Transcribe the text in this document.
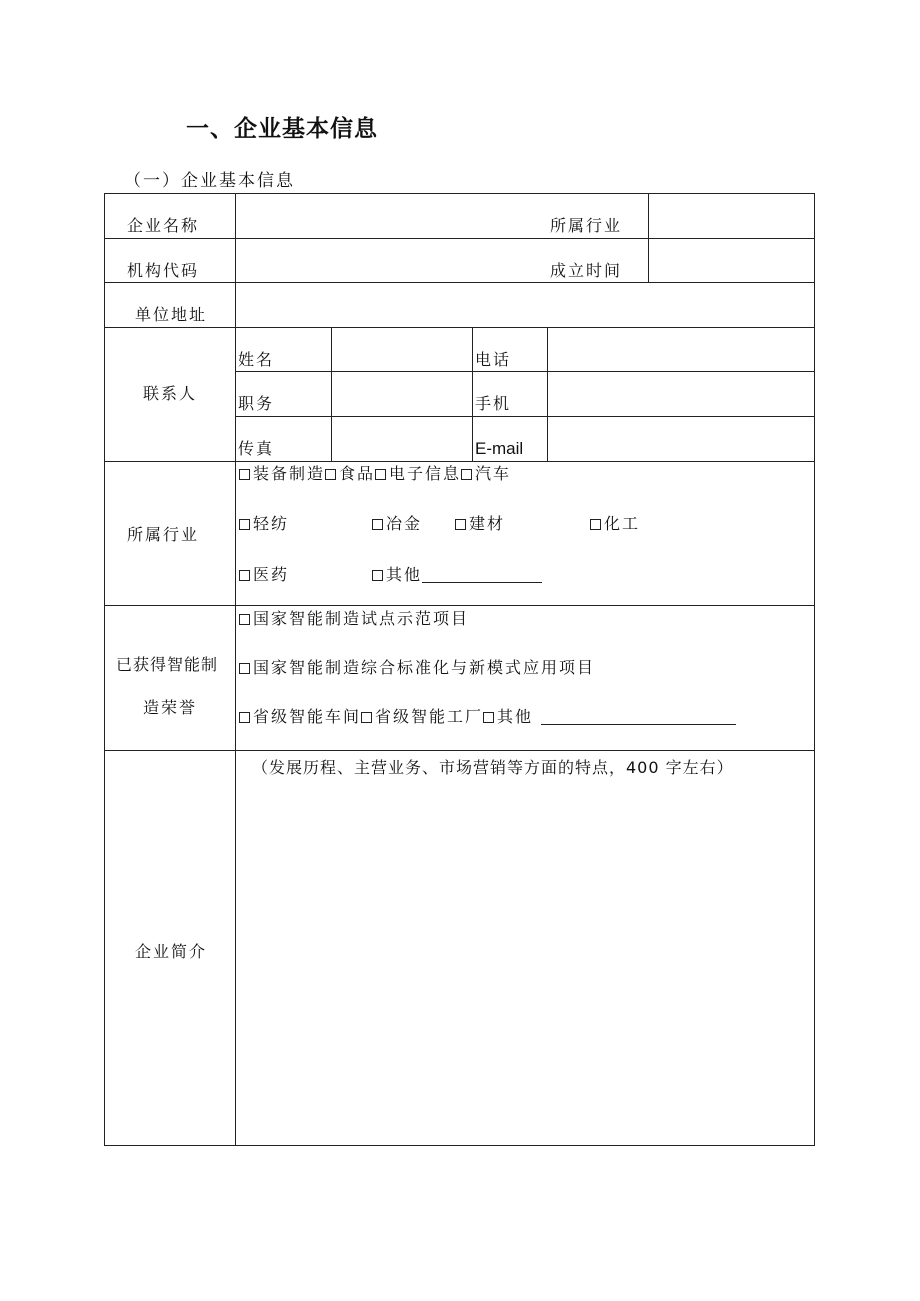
一、企业基本信息
（一）企业基本信息
企业名称	所属行业
机构代码	成立时间
单位地址
联系人
姓名	电话
职务	手机
传真	E-mail
所属行业
装备制造 食品 电子信息 汽车
轻纺	冶金	建材	化工
医药	其他
已获得智能制
造荣誉
国家智能制造试点示范项目
国家智能制造综合标准化与新模式应用项目
省级智能车间 省级智能工厂 其他
企业简介
（发展历程、主营业务、市场营销等方面的特点，400 字左右）
